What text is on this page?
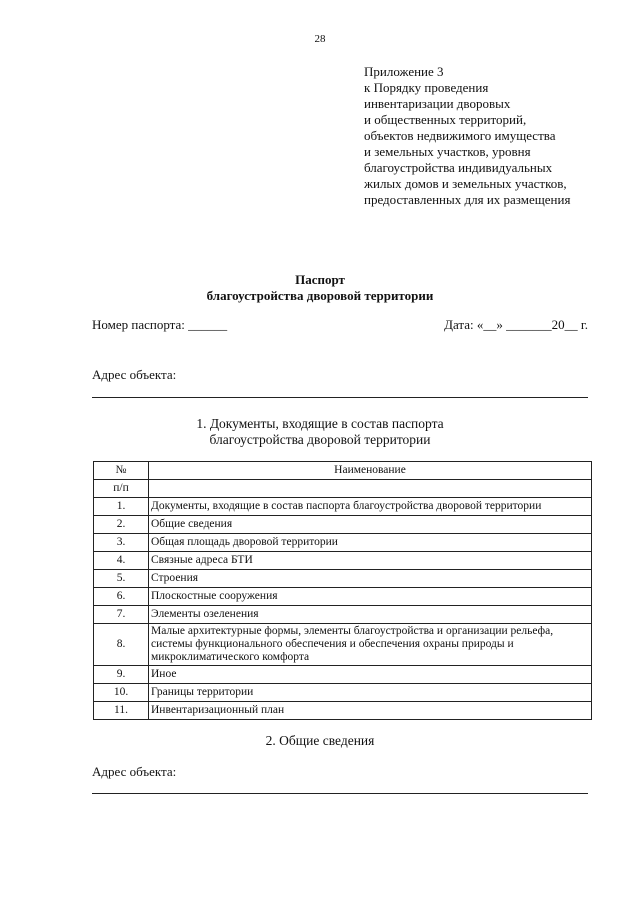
28
Приложение 3
к Порядку проведения
инвентаризации дворовых
и общественных территорий,
объектов недвижимого имущества
и земельных участков, уровня
благоустройства индивидуальных
жилых домов и земельных участков,
предоставленных для их размещения
Паспорт
благоустройства дворовой территории
Номер паспорта: ______	Дата: «__» _______20__ г.
Адрес объекта:
1. Документы, входящие в состав паспорта
благоустройства дворовой территории
№	Наименование
п/п	
1.	Документы, входящие в состав паспорта благоустройства дворовой территории
2.	Общие сведения
3.	Общая площадь дворовой территории
4.	Связные адреса БТИ
5.	Строения
6.	Плоскостные сооружения
7.	Элементы озеленения
8.	Малые архитектурные формы, элементы благоустройства и организации рельефа, системы функционального обеспечения и обеспечения охраны природы и микроклиматического комфорта
9.	Иное
10.	Границы территории
11.	Инвентаризационный план
2. Общие сведения
Адрес объекта:
